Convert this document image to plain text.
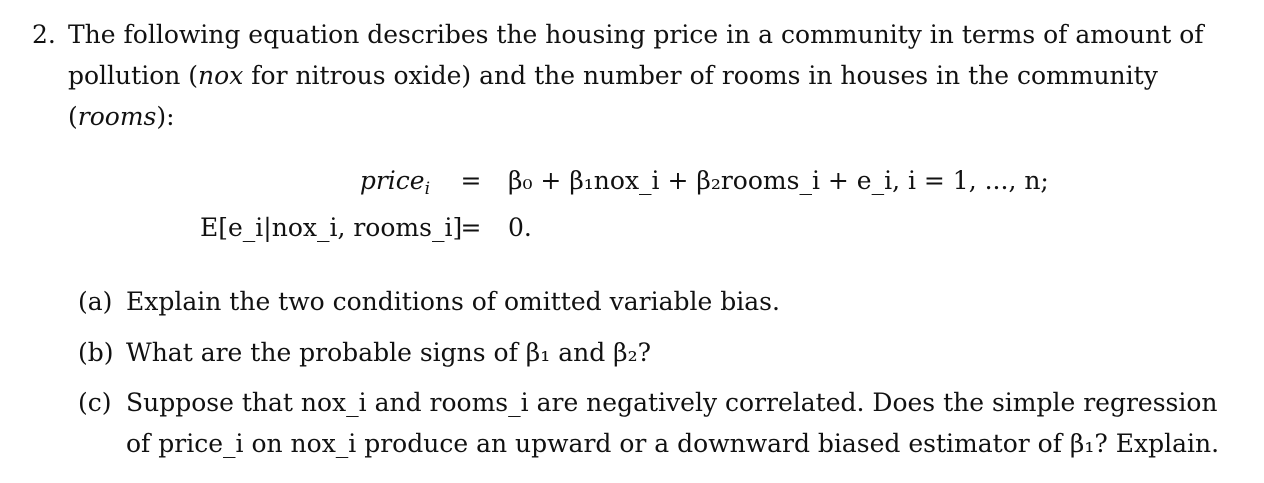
2. The following equation describes the housing price in a community in terms of amount of
pollution (nox for nitrous oxide) and the number of rooms in houses in the community
(rooms):
price$_i$ = β₀ + β₁nox_i + β₂rooms_i + e_i, i = 1, ..., n;
E[e_i|nox_i, rooms_i]
= 0.
(a) Explain the two conditions of omitted variable bias.
(b) What are the probable signs of β₁ and β₂?
(c) Suppose that nox_i and rooms_i are negatively correlated. Does the simple regression
of price_i on nox_i produce an upward or a downward biased estimator of β₁? Explain.
